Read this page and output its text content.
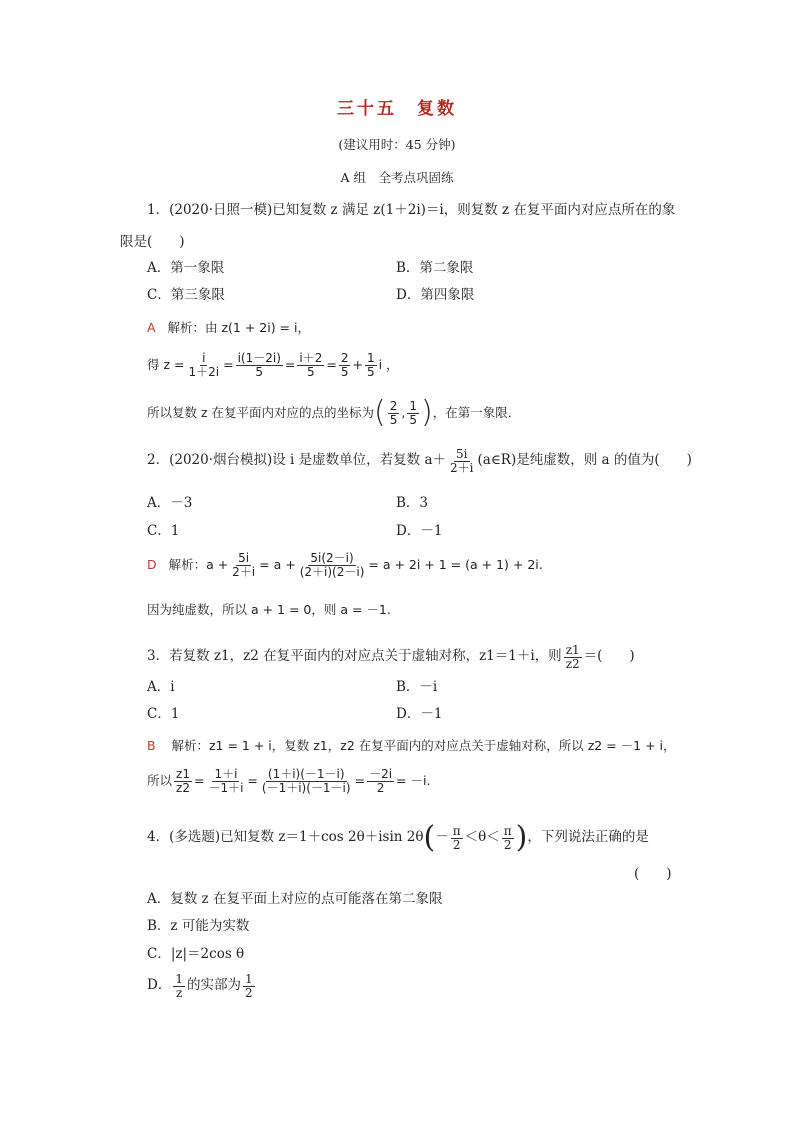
三十五　复数
(建议用时：45 分钟)
A 组　全考点巩固练
1．(2020·日照一模)已知复数 z 满足 z(1＋2i)＝i，则复数 z 在复平面内对应点所在的象
限是(　　)
A．第一象限	B．第二象限
C．第三象限	D．第四象限
A 解析：由 z(1 + 2i) = i，
得 $z = \frac{i}{1+2i} = \frac{i(1-2i)}{5} = \frac{i+2}{5} = \frac{2}{5} + \frac{1}{5}$ i ，
所以复数 z 在复平面内对应的点的坐标为 ( $\frac{2}{5}$ , $\frac{1}{5}$ ) ，在第一象限．
2．(2020·烟台模拟)设 i 是虚数单位，若复数 $a+ \frac{5i}{2+i}$ (a∈R)是纯虚数，则 a 的值为(　　)
A．－3	B．3
C．1	D．－1
D
解析：$a + \frac{5i}{2+i} = a + \frac{5i(2-i)}{(2+i)(2-i)} = a + 2i + 1 = (a + 1) + 2i$.
因为纯虚数，所以 a + 1 = 0，则 a = －1.
3．若复数 z1，z2 在复平面内的对应点关于虚轴对称，z1＝1＋i，则 $\frac{z1}{z2}$ ＝(　　)
A．i	B．－i
C．1	D．－1
B 解析：z1 = 1 + i，复数 z1，z2 在复平面内的对应点关于虚轴对称，所以 z2 = －1 + i，
所以 $\frac{z1}{z2} = \frac{1+i}{-1+i} = \frac{(1+i)(-1-i)}{(-1+i)(-1-i)} = \frac{-2i}{2} = -i$.
4．(多选题)已知复数 z＝1＋cos 2θ＋isin 2θ ( － $\frac{\pi}{2} <\theta< \frac{\pi}{2}$ ) ，下列说法正确的是
(　　)
A．复数 z 在复平面上对应的点可能落在第二象限
B．z 可能为实数
C．|z|＝2cos θ
D． $\frac{1}{z}$ 的实部为 $\frac{1}{2}$
